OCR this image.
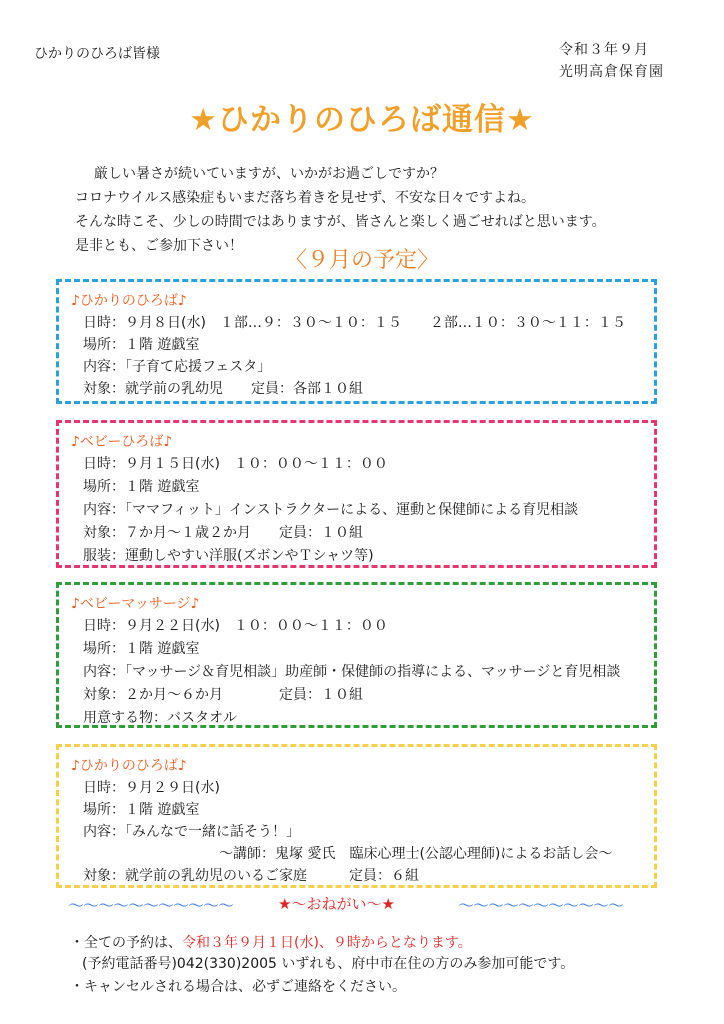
ひかりのひろば皆様	令和３年９月
光明高倉保育園
★ひかりのひろば通信★
厳しい暑さが続いていますが、いかがお過ごしですか？
コロナウイルス感染症もいまだ落ち着きを見せず、不安な日々ですよね。
そんな時こそ、少しの時間ではありますが、皆さんと楽しく過ごせればと思います。
是非とも、ご参加下さい！
〈９月の予定〉
♪ひかりのひろば♪
日時：９月８日(水)　１部…９：３０～１０：１５　　２部…１０：３０～１１：１５
場所：１階 遊戯室
内容：「子育て応援フェスタ」
対象：就学前の乳幼児　　定員：各部１０組
♪ベビーひろば♪
日時：９月１５日(水)　１０：００～１１：００
場所：１階 遊戯室
内容：「ママフィット」インストラクターによる、運動と保健師による育児相談
対象：７か月～１歳２か月　　定員：１０組
服装：運動しやすい洋服(ズボンやＴシャツ等)
♪ベビーマッサージ♪
日時：９月２２日(水)　１０：００～１１：００
場所：１階 遊戯室
内容：「マッサージ＆育児相談」助産師・保健師の指導による、マッサージと育児相談
対象：２か月～６か月　　　　定員：１０組
用意する物：バスタオル
♪ひかりのひろば♪
日時：９月２９日(水)
場所：１階 遊戯室
内容：「みんなで一緒に話そう！」
～講師：鬼塚 愛氏　臨床心理士(公認心理師)によるお話し会～
対象：就学前の乳幼児のいるご家庭　　　定員：６組
～～～～～～～～～～～	★～おねがい～★	～～～～～～～～～～～
・全ての予約は、令和３年９月１日(水)、９時からとなります。
(予約電話番号)042(330)2005 いずれも、府中市在住の方のみ参加可能です。
・キャンセルされる場合は、必ずご連絡をください。
